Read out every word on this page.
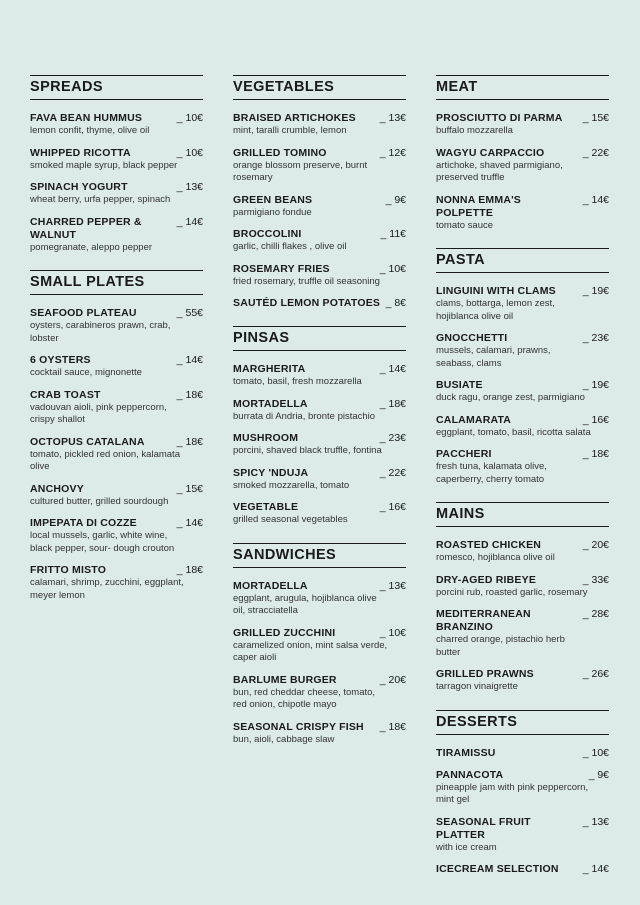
SPREADS
FAVA BEAN HUMMUS	_ 10€
lemon confit, thyme, olive oil
WHIPPED RICOTTA	_ 10€
smoked maple syrup, black pepper
SPINACH YOGURT	_ 13€
wheat berry, urfa pepper, spinach
CHARRED PEPPER & WALNUT
_ 14€
pomegranate, aleppo pepper
SMALL PLATES
SEAFOOD PLATEAU	_ 55€
oysters, carabineros prawn, crab, lobster
6 OYSTERS	_ 14€
cocktail sauce, mignonette
CRAB TOAST	_ 18€
vadouvan aioli, pink peppercorn, crispy shallot
OCTOPUS CATALANA	_ 18€
tomato, pickled red onion, kalamata olive
ANCHOVY	_ 15€
cultured butter, grilled sourdough
IMPEPATA DI COZZE	_ 14€
local mussels, garlic, white wine, black pepper, sour- dough crouton
FRITTO MISTO	_ 18€
calamari, shrimp, zucchini, eggplant, meyer lemon
VEGETABLES
BRAISED ARTICHOKES _ 13€
mint, taralli crumble, lemon
GRILLED TOMINO	_ 12€
orange blossom preserve, burnt rosemary
GREEN BEANS	_ 9€
parmigiano fondue
BROCCOLINI	_ 11€
garlic, chilli flakes , olive oil
ROSEMARY FRIES	_ 10€
fried rosemary, truffle oil seasoning
SAUTÉD LEMON POTATOES _ 8€
PINSAS
MARGHERITA	_ 14€
tomato, basil, fresh mozzarella
MORTADELLA	_ 18€
burrata di Andria, bronte pistachio
MUSHROOM	_ 23€
porcini, shaved black truffle, fontina
SPICY 'NDUJA	_ 22€
smoked mozzarella, tomato
VEGETABLE	_ 16€
grilled seasonal vegetables
SANDWICHES
MORTADELLA	_ 13€
eggplant, arugula, hojiblanca olive oil, stracciatella
GRILLED ZUCCHINI	_ 10€
caramelized onion, mint salsa verde, caper aioli
BARLUME BURGER	_ 20€
bun, red cheddar cheese, tomato, red onion, chipotle mayo
SEASONAL CRISPY FISH _ 18€
bun, aioli, cabbage slaw
MEAT
PROSCIUTTO DI PARMA _ 15€
buffalo mozzarella
WAGYU CARPACCIO	_ 22€
artichoke, shaved parmigiano, preserved truffle
NONNA EMMA'S POLPETTE
_ 14€
tomato sauce
PASTA
LINGUINI WITH CLAMS	_ 19€
clams, bottarga, lemon zest, hojiblanca olive oil
GNOCCHETTI	_ 23€
mussels, calamari, prawns, seabass, clams
BUSIATE	_ 19€
duck ragu, orange zest, parmigiano
CALAMARATA	_ 16€
eggplant, tomato, basil, ricotta salata
PACCHERI	_ 18€
fresh tuna, kalamata olive, caperberry, cherry tomato
MAINS
ROASTED CHICKEN	_ 20€
romesco, hojiblanca olive oil
DRY-AGED RIBEYE	_ 33€
porcini rub, roasted garlic, rosemary
MEDITERRANEAN BRANZINO
_ 28€
charred orange, pistachio herb butter
GRILLED PRAWNS	_ 26€
tarragon vinaigrette
DESSERTS
TIRAMISSU	_ 10€
PANNACOTA	_ 9€
pineapple jam with pink peppercorn, mint gel
SEASONAL FRUIT PLATTER
_ 13€
with ice cream
ICECREAM SELECTION _ 14€
